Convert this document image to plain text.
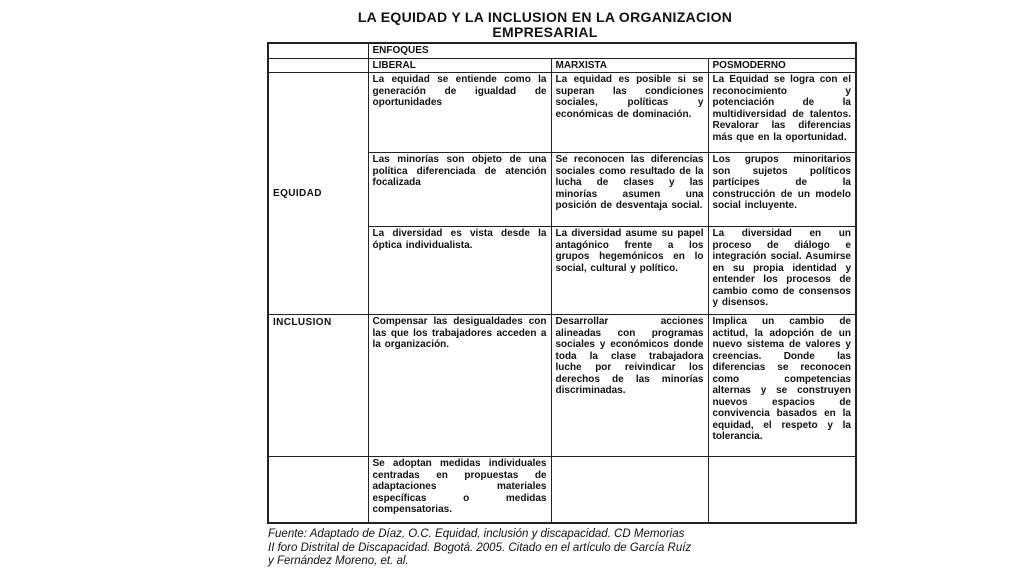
LA EQUIDAD Y LA INCLUSION EN LA ORGANIZACION
EMPRESARIAL
	ENFOQUES		
	LIBERAL	MARXISTA	POSMODERNO
EQUIDAD	La equidad se entiende como la generación de igualdad de oportunidades	La equidad es posible si se superan las condiciones sociales, políticas y económicas de dominación.	La Equidad se logra con el reconocimiento y potenciación de la multidiversidad de talentos. Revalorar las diferencias más que en la oportunidad.
	Las minorías son objeto de una política diferenciada de atención focalizada	Se reconocen las diferencias sociales como resultado de la lucha de clases y las minorías asumen una posición de desventaja social.	Los grupos minoritarios son sujetos políticos partícipes de la construcción de un modelo social incluyente.
	La diversidad es vista desde la óptica individualista.	La diversidad asume su papel antagónico frente a los grupos hegemónicos en lo social, cultural y político.	La diversidad en un proceso de diálogo e integración social. Asumirse en su propia identidad y entender los procesos de cambio como de consensos y disensos.
INCLUSION	Compensar las desigualdades con las que los trabajadores acceden a la organización.	Desarrollar acciones alineadas con programas sociales y económicos donde toda la clase trabajadora luche por reivindicar los derechos de las minorías discriminadas.	Implica un cambio de actitud, la adopción de un nuevo sistema de valores y creencias. Donde las diferencias se reconocen como competencias alternas y se construyen nuevos espacios de convivencia basados en la equidad, el respeto y la tolerancia.
	Se adoptan medidas individuales centradas en propuestas de adaptaciones materiales específicas o medidas compensatorias.		
Fuente: Adaptado de Díaz, O.C. Equidad, inclusión y discapacidad. CD Memorias
II foro Distrital de Discapacidad. Bogotá. 2005. Citado en el artículo de García Ruíz
y Fernández Moreno, et. al.
